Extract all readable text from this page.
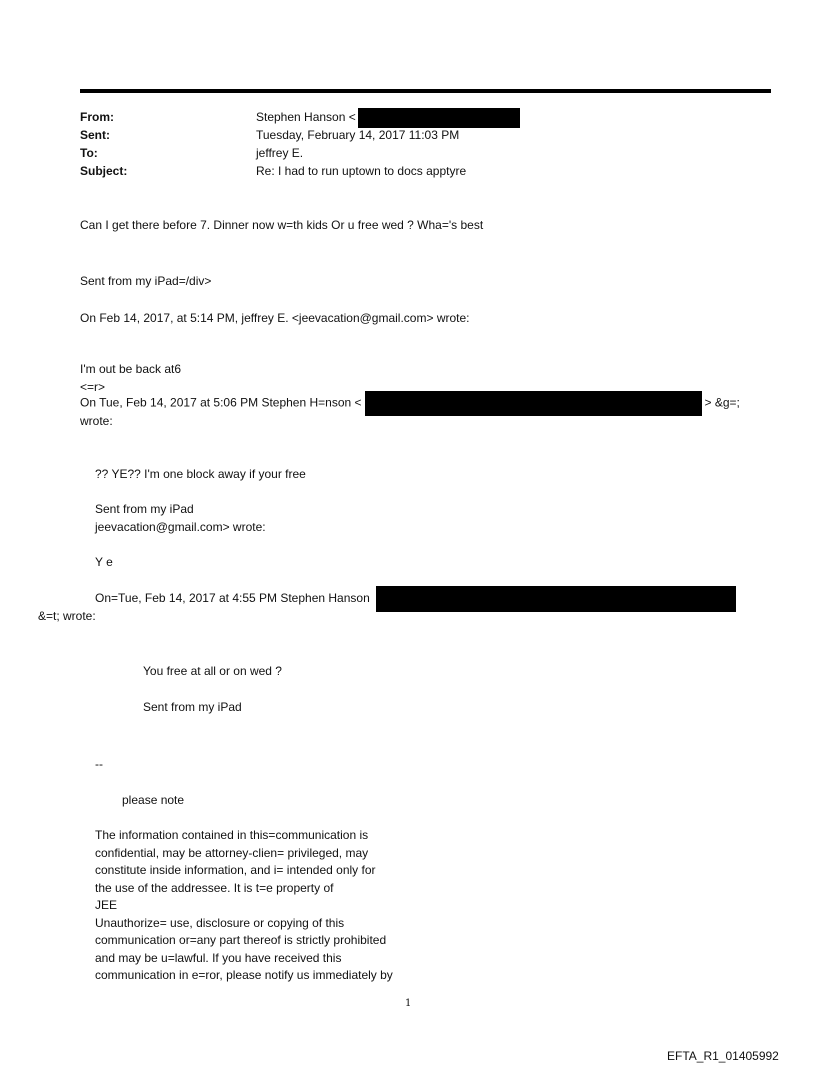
From:	Stephen Hanson <
Sent:	Tuesday, February 14, 2017 11:03 PM
To:	jeffrey E.
Subject:	Re: I had to run uptown to docs apptyre
Can I get there before 7. Dinner now w=th kids Or u free wed ? Wha='s best
Sent from my iPad=/div>
On Feb 14, 2017, at 5:14 PM, jeffrey E. <jeevacation@gmail.com> wrote:
I'm out be back at6
<=r>
On Tue, Feb 14, 2017 at 5:06 PM Stephen H=nson <	> &g=;
wrote:
?? YE?? I'm one block away if your free
Sent from my iPad
jeevacation@gmail.com> wrote:
Y e
On=Tue, Feb 14, 2017 at 4:55 PM Stephen Hanson
&=t; wrote:
You free at all or on wed ?
Sent from my iPad
--
please note
The information contained in this=communication is
confidential, may be attorney-clien= privileged, may
constitute inside information, and i= intended only for
the use of the addressee. It is t=e property of
JEE
Unauthorize= use, disclosure or copying of this
communication or=any part thereof is strictly prohibited
and may be u=lawful. If you have received this
communication in e=ror, please notify us immediately by
1
EFTA_R1_01405992
